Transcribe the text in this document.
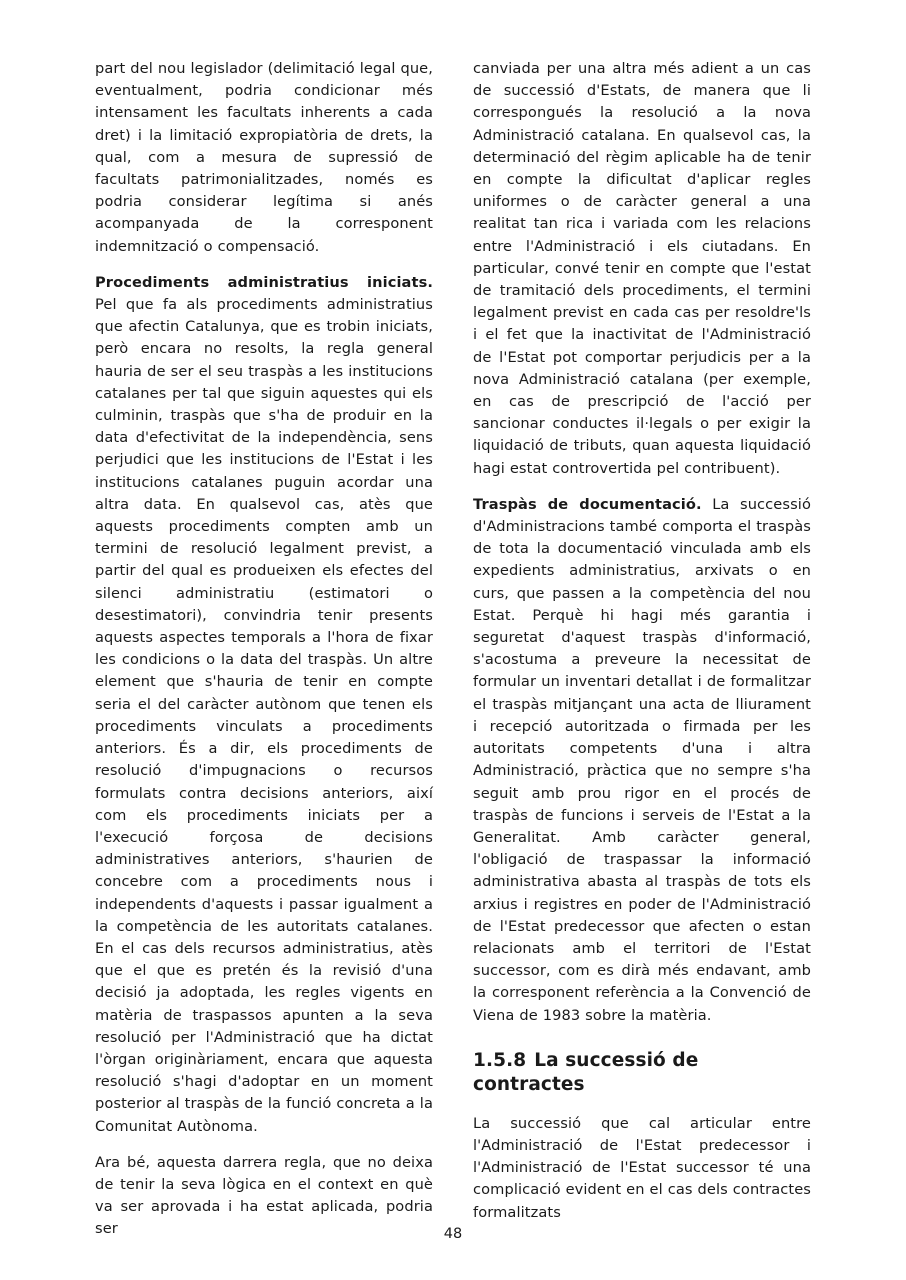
part del nou legislador (delimitació legal que, eventualment, podria condicionar més intensament les facultats inherents a cada dret) i la limitació expropiatòria de drets, la qual, com a mesura de supressió de facultats patrimonialitzades, només es podria considerar legítima si anés acompanyada de la corresponent indemnització o compensació.

Procediments administratius iniciats. Pel que fa als procediments administratius que afectin Catalunya, que es trobin iniciats, però encara no resolts, la regla general hauria de ser el seu traspàs a les institucions catalanes per tal que siguin aquestes qui els culminin, traspàs que s'ha de produir en la data d'efectivitat de la independència, sens perjudici que les institucions de l'Estat i les institucions catalanes puguin acordar una altra data. En qualsevol cas, atès que aquests procediments compten amb un termini de resolució legalment previst, a partir del qual es produeixen els efectes del silenci administratiu (estimatori o desestimatori), convindria tenir presents aquests aspectes temporals a l'hora de fixar les condicions o la data del traspàs. Un altre element que s'hauria de tenir en compte seria el del caràcter autònom que tenen els procediments vinculats a procediments anteriors. És a dir, els procediments de resolució d'impugnacions o recursos formulats contra decisions anteriors, així com els procediments iniciats per a l'execució forçosa de decisions administratives anteriors, s'haurien de concebre com a procediments nous i independents d'aquests i passar igualment a la competència de les autoritats catalanes. En el cas dels recursos administratius, atès que el que es pretén és la revisió d'una decisió ja adoptada, les regles vigents en matèria de traspassos apunten a la seva resolució per l'Administració que ha dictat l'òrgan originàriament, encara que aquesta resolució s'hagi d'adoptar en un moment posterior al traspàs de la funció concreta a la Comunitat Autònoma.

Ara bé, aquesta darrera regla, que no deixa de tenir la seva lògica en el context en què va ser aprovada i ha estat aplicada, podria ser

canviada per una altra més adient a un cas de successió d'Estats, de manera que li correspongués la resolució a la nova Administració catalana. En qualsevol cas, la determinació del règim aplicable ha de tenir en compte la dificultat d'aplicar regles uniformes o de caràcter general a una realitat tan rica i variada com les relacions entre l'Administració i els ciutadans. En particular, convé tenir en compte que l'estat de tramitació dels procediments, el termini legalment previst en cada cas per resoldre'ls i el fet que la inactivitat de l'Administració de l'Estat pot comportar perjudicis per a la nova Administració catalana (per exemple, en cas de prescripció de l'acció per sancionar conductes il·legals o per exigir la liquidació de tributs, quan aquesta liquidació hagi estat controvertida pel contribuent).

Traspàs de documentació. La successió d'Administracions també comporta el traspàs de tota la documentació vinculada amb els expedients administratius, arxivats o en curs, que passen a la competència del nou Estat. Perquè hi hagi més garantia i seguretat d'aquest traspàs d'informació, s'acostuma a preveure la necessitat de formular un inventari detallat i de formalitzar el traspàs mitjançant una acta de lliurament i recepció autoritzada o firmada per les autoritats competents d'una i altra Administració, pràctica que no sempre s'ha seguit amb prou rigor en el procés de traspàs de funcions i serveis de l'Estat a la Generalitat. Amb caràcter general, l'obligació de traspassar la informació administrativa abasta al traspàs de tots els arxius i registres en poder de l'Administració de l'Estat predecessor que afecten o estan relacionats amb el territori de l'Estat successor, com es dirà més endavant, amb la corresponent referència a la Convenció de Viena de 1983 sobre la matèria.

1.5.8 La successió de contractes

La successió que cal articular entre l'Administració de l'Estat predecessor i l'Administració de l'Estat successor té una complicació evident en el cas dels contractes formalitzats

48
